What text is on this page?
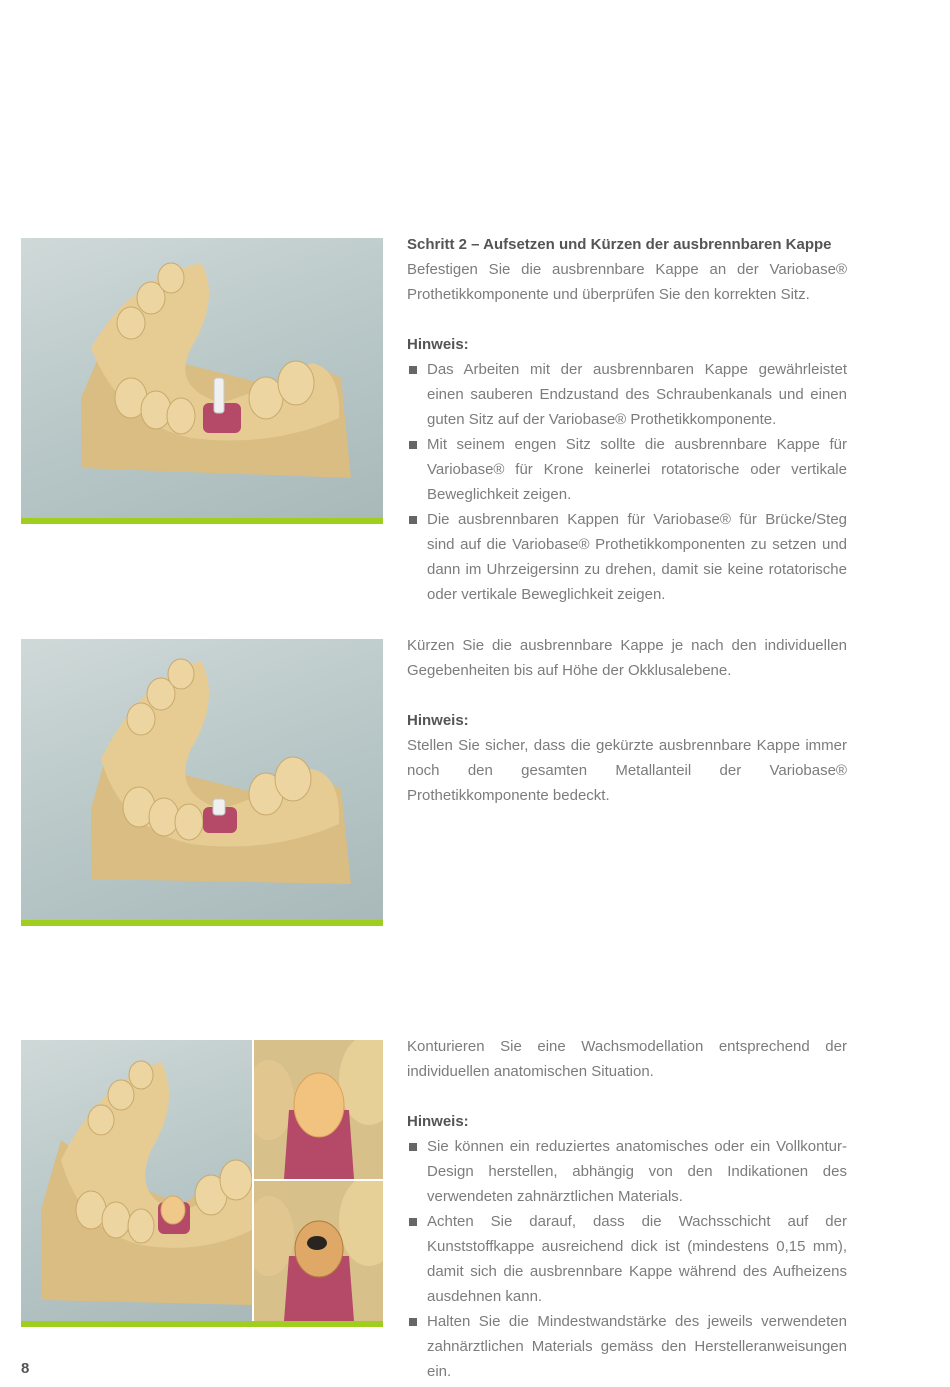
Schritt 2 – Aufsetzen und Kürzen der ausbrennbaren Kappe

Befestigen Sie die ausbrennbare Kappe an der Variobase® Prothetikkomponente und überprüfen Sie den korrekten Sitz.

Hinweis:

Das Arbeiten mit der ausbrennbaren Kappe gewährleistet einen sauberen Endzustand des Schraubenkanals und einen guten Sitz auf der Variobase® Prothetikkomponente.
Mit seinem engen Sitz sollte die ausbrennbare Kappe für Variobase® für Krone keinerlei rotatorische oder vertikale Beweglichkeit zeigen.
Die ausbrennbaren Kappen für Variobase® für Brücke/Steg sind auf die Variobase® Prothetikkomponenten zu setzen und dann im Uhrzeigersinn zu drehen, damit sie keine rotatorische oder vertikale Beweglichkeit zeigen.

Kürzen Sie die ausbrennbare Kappe je nach den individuellen Gegebenheiten bis auf Höhe der Okklusalebene.

Hinweis:

Stellen Sie sicher, dass die gekürzte ausbrennbare Kappe immer noch den gesamten Metallanteil der Variobase® Prothetikkomponente bedeckt.

Konturieren Sie eine Wachsmodellation entsprechend der individuellen anatomischen Situation.

Hinweis:

Sie können ein reduziertes anatomisches oder ein Vollkontur-Design herstellen, abhängig von den Indikationen des verwendeten zahnärztlichen Materials.
Achten Sie darauf, dass die Wachsschicht auf der Kunststoffkappe ausreichend dick ist (mindestens 0,15 mm), damit sich die ausbrennbare Kappe während des Aufheizens ausdehnen kann.
Halten Sie die Mindestwandstärke des jeweils verwendeten zahnärztlichen Materials gemäss den Herstelleranweisungen ein.
8
